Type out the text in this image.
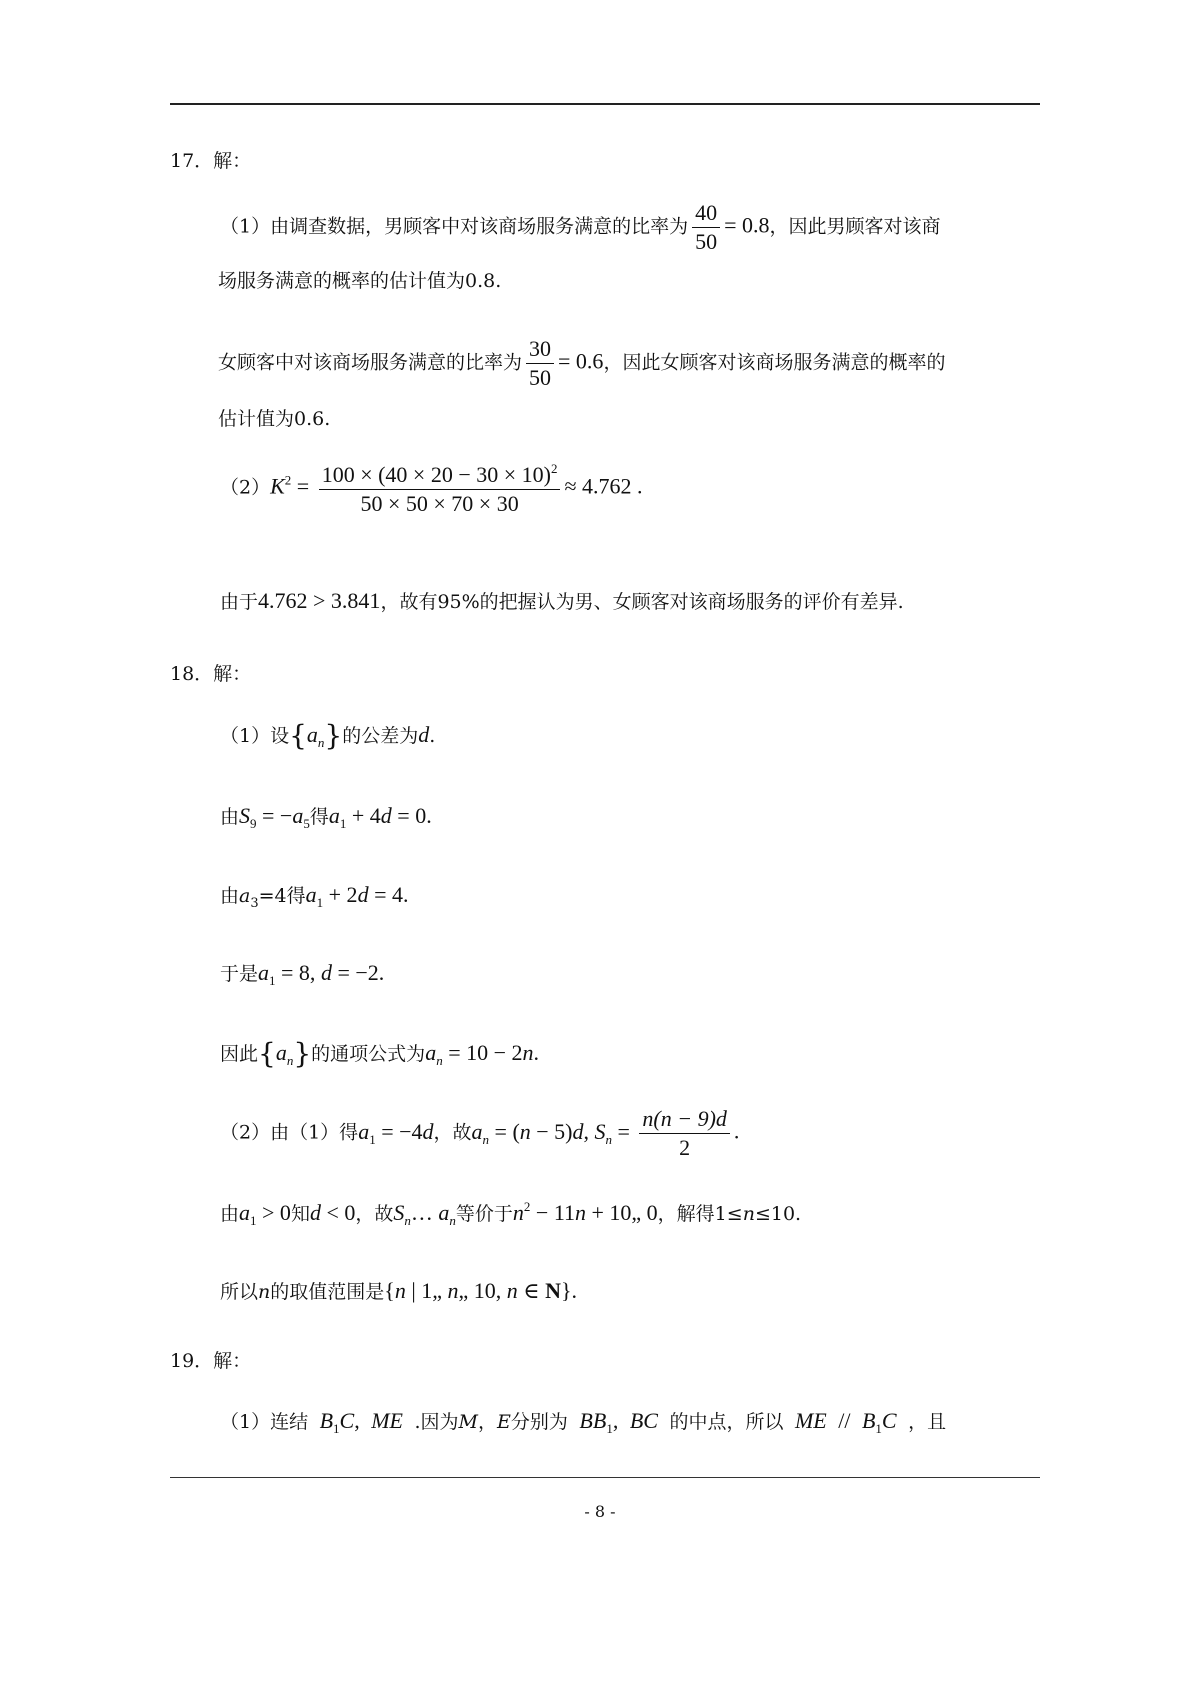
17．解：
（1）由调查数据，男顾客中对该商场服务满意的比率为 $\frac{40}{50} = 0.8$，因此男顾客对该商
场服务满意的概率的估计值为0.8.
女顾客中对该商场服务满意的比率为 $\frac{30}{50} = 0.6$，因此女顾客对该商场服务满意的概率的
估计值为0.6.
$(2)K^2 = \frac{100 \times (40 \times 20 - 30 \times 10)^2}{50 \times 50 \times 70 \times 30} \approx 4.762$ .
由于4.762 > 3.841，故有95%的把握认为男、女顾客对该商场服务的评价有差异.
18．解：
（1）设$\{a_n\}$的公差为d.
由$S_9 = -a_5$得$a_1 + 4d = 0$.
由$a_3=4$得$a_1 + 2d = 4$.
于是$a_1 = 8$, d = −2.
因此$\{a_n\}$的通项公式为$a_n = 10 - 2n$.
（2）由（1）得$a_1 = -4d$，故$a_n = (n - 5)d$, $S_n = \frac{n(n - 9)d}{2}$ .
由$a_1 > 0$知d < 0，故$S_n\dots$ $a_n$等价于$n^2 - 11n$ + 10„ 0，解得1≤n≤10.
所以n的取值范围是{n | 1„ n„ 10, n ∈ N}.
19．解：
（1）连结 $B_1C$, ME .因为M，E分别为 $BB_1$, BC 的中点，所以 ME // $B_1C$ ，且
- 8 -
